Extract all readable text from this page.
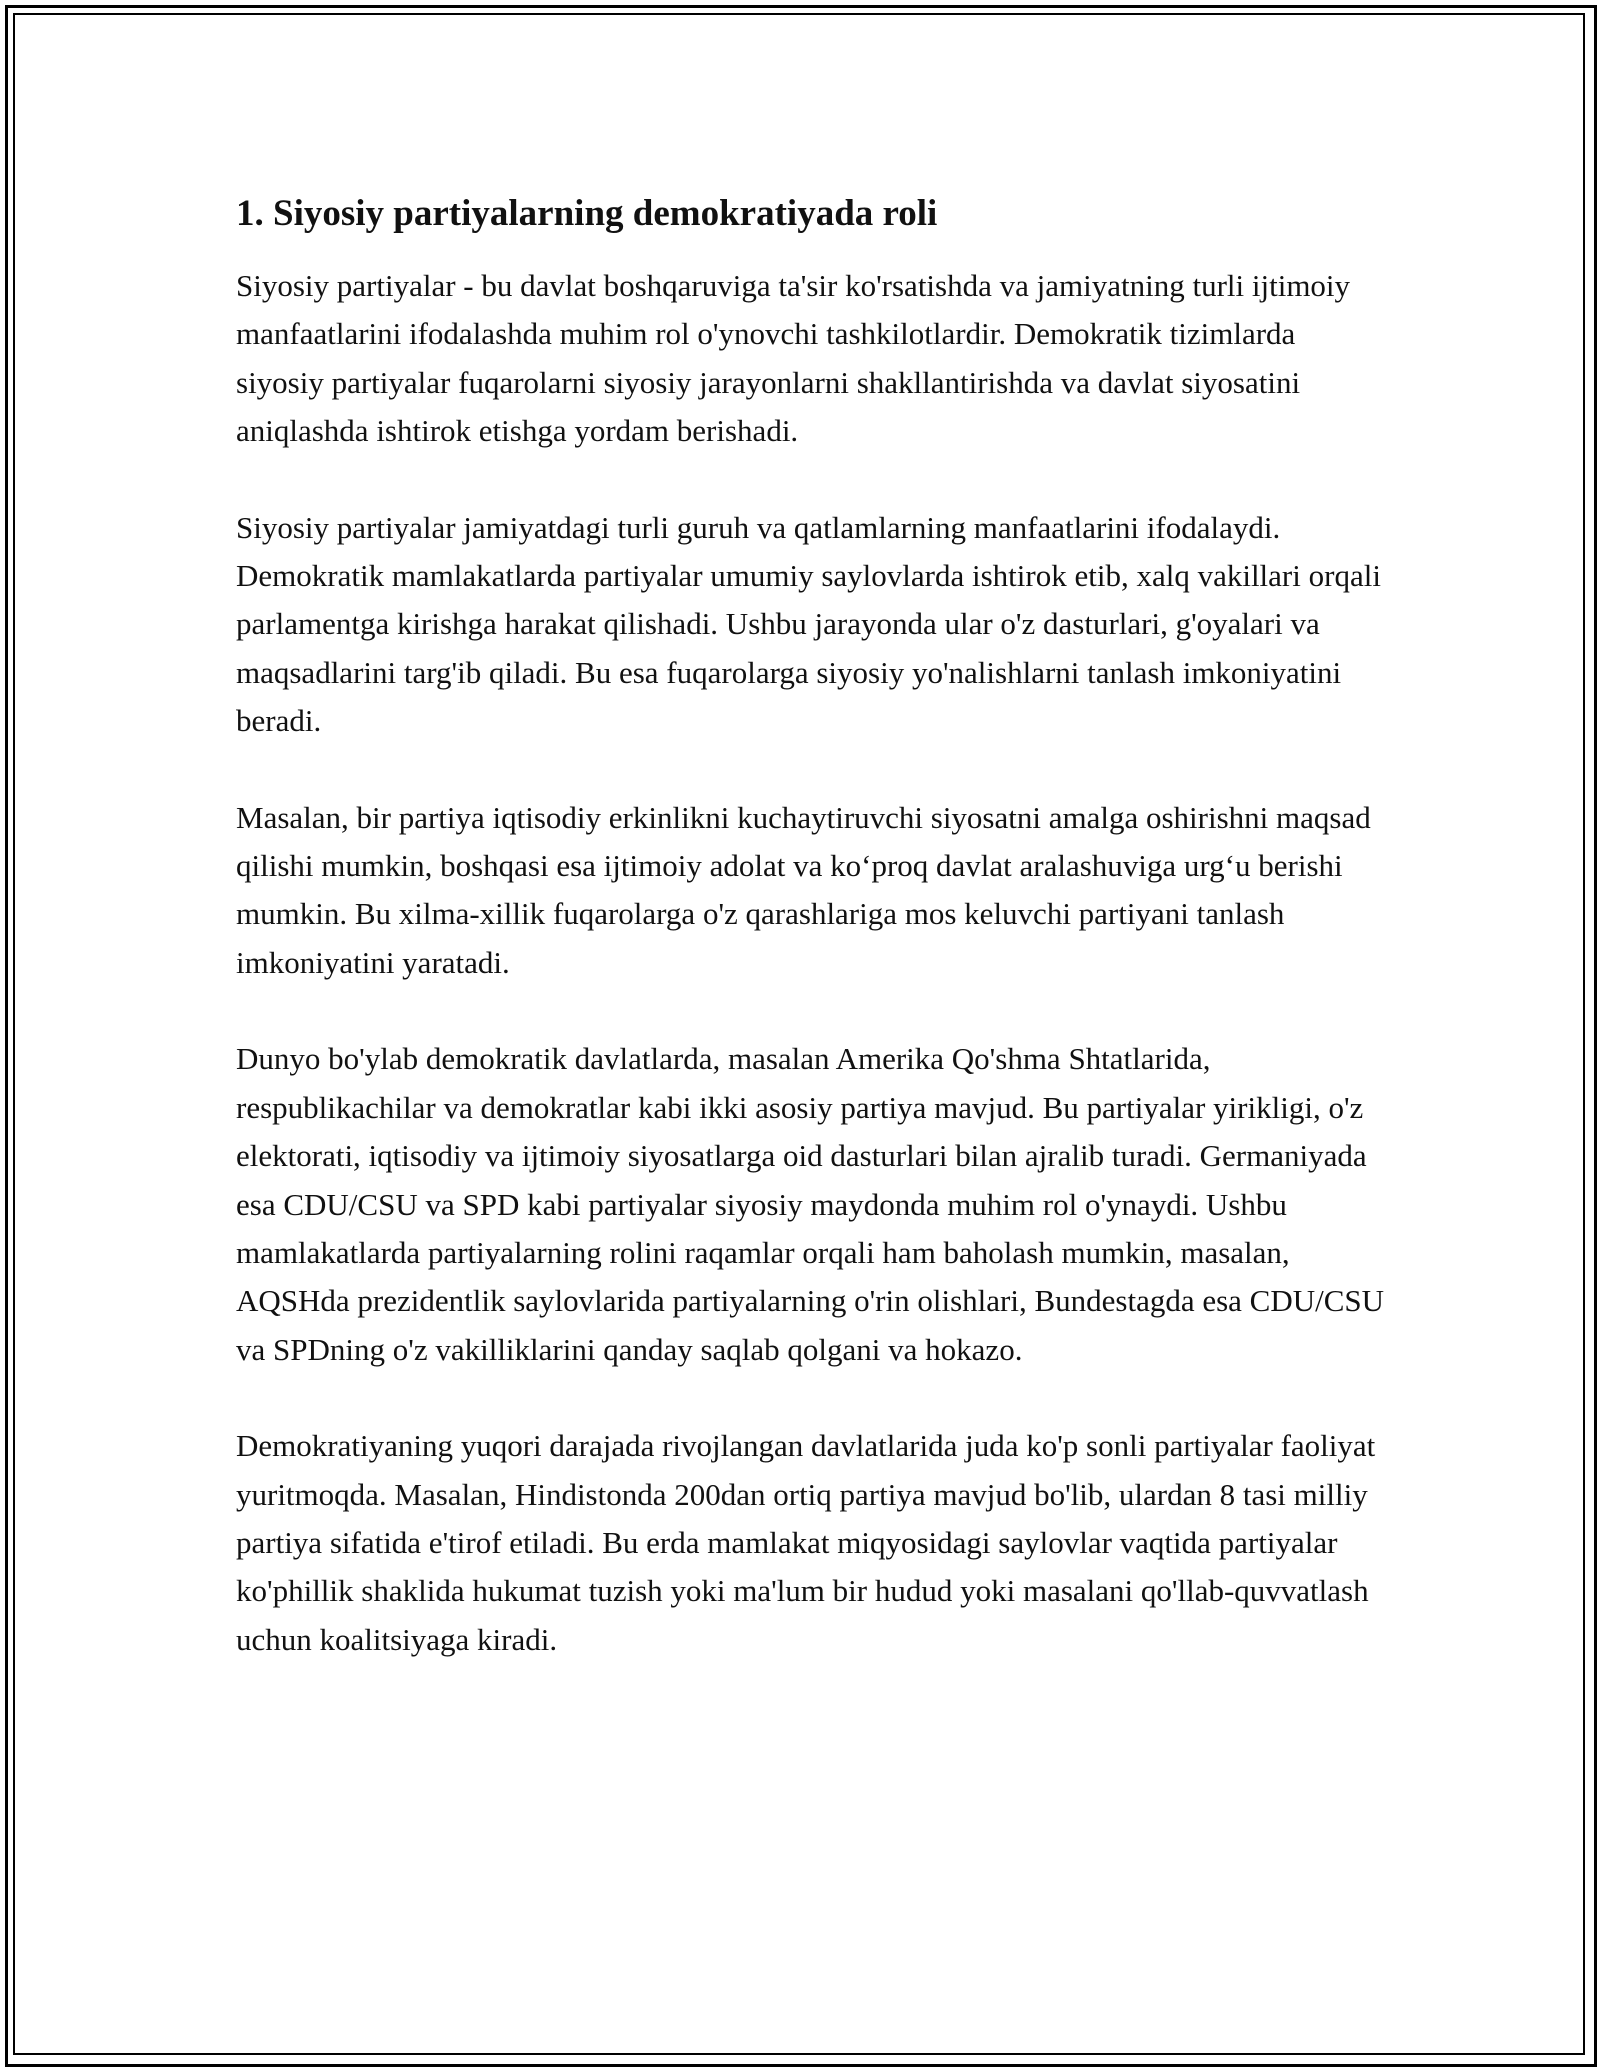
1. Siyosiy partiyalarning demokratiyada roli

Siyosiy partiyalar - bu davlat boshqaruviga ta'sir ko'rsatishda va jamiyatning turli ijtimoiy manfaatlarini ifodalashda muhim rol o'ynovchi tashkilotlardir. Demokratik tizimlarda siyosiy partiyalar fuqarolarni siyosiy jarayonlarni shakllantirishda va davlat siyosatini aniqlashda ishtirok etishga yordam berishadi.

Siyosiy partiyalar jamiyatdagi turli guruh va qatlamlarning manfaatlarini ifodalaydi. Demokratik mamlakatlarda partiyalar umumiy saylovlarda ishtirok etib, xalq vakillari orqali parlamentga kirishga harakat qilishadi. Ushbu jarayonda ular o'z dasturlari, g'oyalari va maqsadlarini targ'ib qiladi. Bu esa fuqarolarga siyosiy yo'nalishlarni tanlash imkoniyatini beradi.

Masalan, bir partiya iqtisodiy erkinlikni kuchaytiruvchi siyosatni amalga oshirishni maqsad qilishi mumkin, boshqasi esa ijtimoiy adolat va ko‘proq davlat aralashuviga urg‘u berishi mumkin. Bu xilma-xillik fuqarolarga o'z qarashlariga mos keluvchi partiyani tanlash imkoniyatini yaratadi.

Dunyo bo'ylab demokratik davlatlarda, masalan Amerika Qo'shma Shtatlarida, respublikachilar va demokratlar kabi ikki asosiy partiya mavjud. Bu partiyalar yirikligi, o'z elektorati, iqtisodiy va ijtimoiy siyosatlarga oid dasturlari bilan ajralib turadi. Germaniyada esa CDU/CSU va SPD kabi partiyalar siyosiy maydonda muhim rol o'ynaydi. Ushbu mamlakatlarda partiyalarning rolini raqamlar orqali ham baholash mumkin, masalan, AQSHda prezidentlik saylovlarida partiyalarning o'rin olishlari, Bundestagda esa CDU/CSU va SPDning o'z vakilliklarini qanday saqlab qolgani va hokazo.

Demokratiyaning yuqori darajada rivojlangan davlatlarida juda ko'p sonli partiyalar faoliyat yuritmoqda. Masalan, Hindistonda 200dan ortiq partiya mavjud bo'lib, ulardan 8 tasi milliy partiya sifatida e'tirof etiladi. Bu erda mamlakat miqyosidagi saylovlar vaqtida partiyalar ko'phillik shaklida hukumat tuzish yoki ma'lum bir hudud yoki masalani qo'llab-quvvatlash uchun koalitsiyaga kiradi.
